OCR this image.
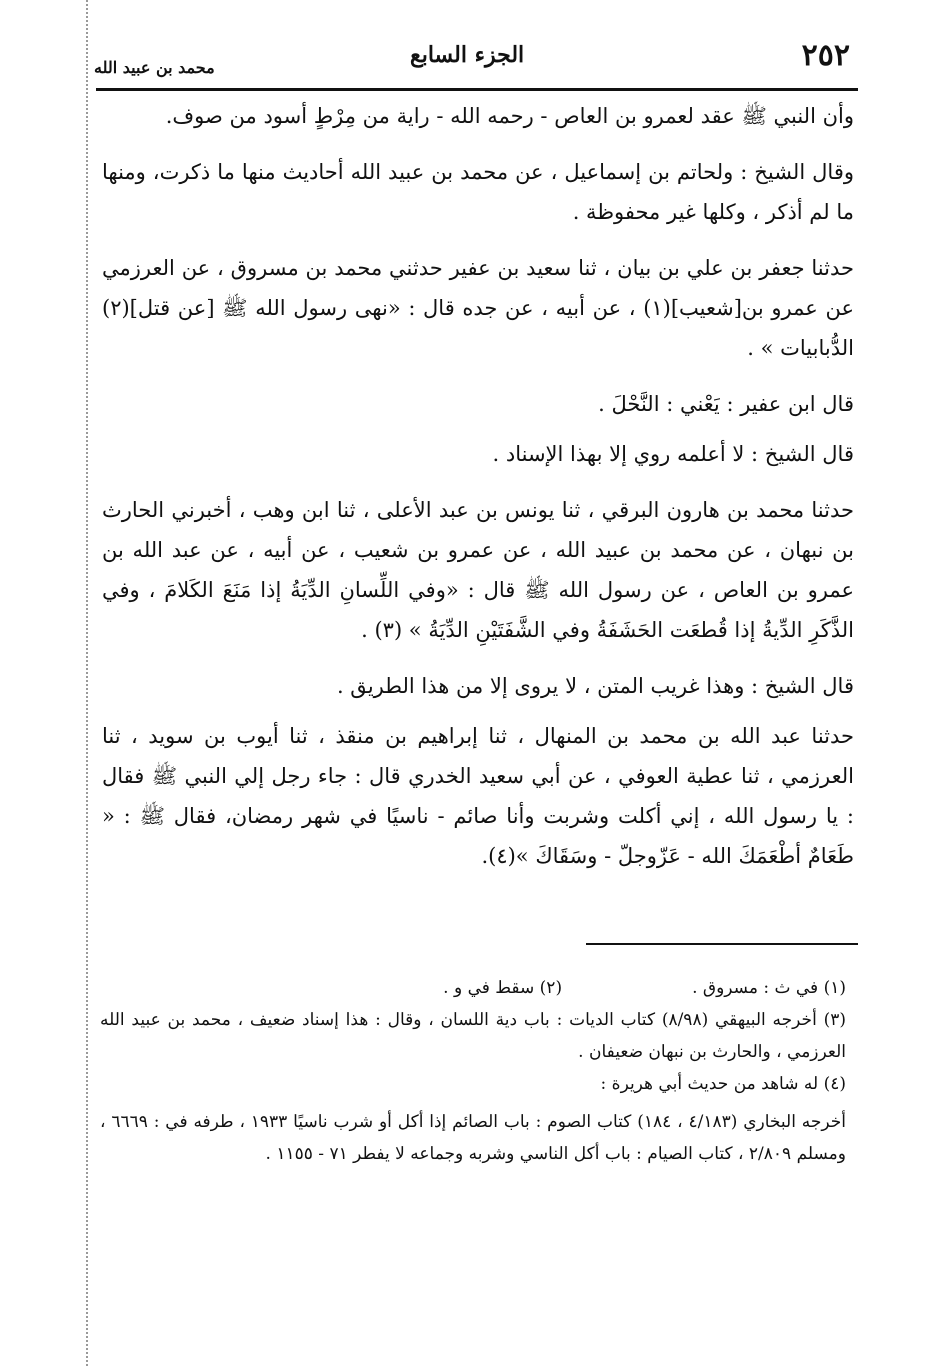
٢٥٢
الجزء السابع
محمد بن عبيد الله

وأن النبي ﷺ عقد لعمرو بن العاص - رحمه الله - راية من مِرْطٍ أسود من صوف.

وقال الشيخ : ولحاتم بن إسماعيل ، عن محمد بن عبيد الله أحاديث منها ما ذكرت، ومنها ما لم أذكر ، وكلها غير محفوظة .

حدثنا جعفر بن علي بن بيان ، ثنا سعيد بن عفير حدثني محمد بن مسروق ، عن العرزمي عن عمرو بن[شعيب](١) ، عن أبيه ، عن جده قال : «نهى رسول الله ﷺ [عن قتل](٢) الدُّبابيات » .

قال ابن عفير : يَعْني : النَّحْلَ .

قال الشيخ : لا أعلمه روي إلا بهذا الإسناد .

حدثنا محمد بن هارون البرقي ، ثنا يونس بن عبد الأعلى ، ثنا ابن وهب ، أخبرني الحارث بن نبهان ، عن محمد بن عبيد الله ، عن عمرو بن شعيب ، عن أبيه ، عن عبد الله بن عمرو بن العاص ، عن رسول الله ﷺ قال : «وفي اللِّسانِ الدِّيَةُ إذا مَنَعَ الكَلامَ ، وفي الذَّكَرِ الدِّيةُ إذا قُطعَت الحَشَفَةُ وفي الشَّفَتَيْنِ الدِّيَةُ » (٣) .

قال الشيخ : وهذا غريب المتن ، لا يروى إلا من هذا الطريق .

حدثنا عبد الله بن محمد بن المنهال ، ثنا إبراهيم بن منقذ ، ثنا أيوب بن سويد ، ثنا العرزمي ، ثنا عطية العوفي ، عن أبي سعيد الخدري قال : جاء رجل إلي النبي ﷺ فقال : يا رسول الله ، إني أكلت وشربت وأنا صائم - ناسيًا في شهر رمضان، فقال ﷺ : « طَعَامٌ أطْعَمَكَ الله - عَزّوجلّ - وسَقَاكَ »(٤).

(١) في ث : مسروق .
(٢) سقط في و .

(٣) أخرجه البيهقي (٨/٩٨) كتاب الديات : باب دية اللسان ، وقال : هذا إسناد ضعيف ، محمد بن عبيد الله العرزمي ، والحارث بن نبهان ضعيفان .

(٤) له شاهد من حديث أبي هريرة :

أخرجه البخاري (٤/١٨٣ ، ١٨٤) كتاب الصوم : باب الصائم إذا أكل أو شرب ناسيًا ١٩٣٣ ، طرفه في : ٦٦٦٩ ، ومسلم ٢/٨٠٩ ، كتاب الصيام : باب أكل الناسي وشربه وجماعه لا يفطر ٧١ - ١١٥٥ .
